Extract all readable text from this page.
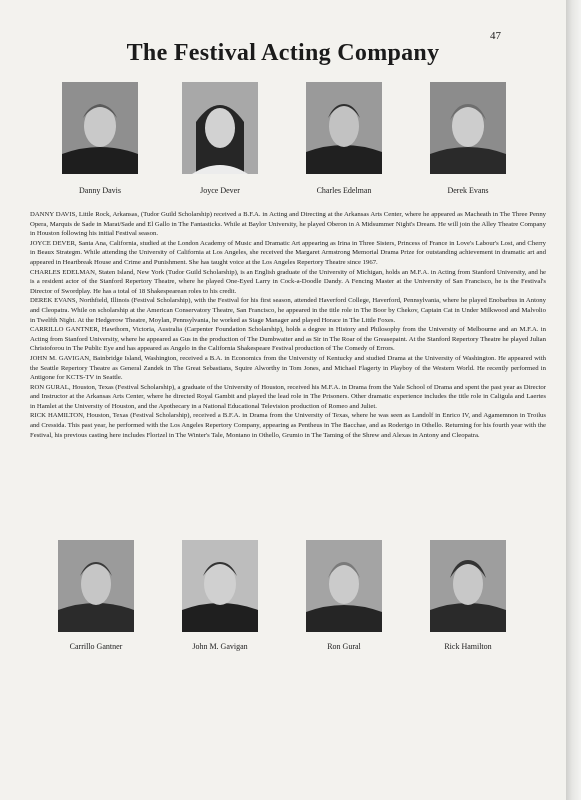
47
The Festival Acting Company
Danny Davis	Joyce Dever	Charles Edelman	Derek Evans

DANNY DAVIS, Little Rock, Arkansas, (Tudor Guild Scholarship) received a B.F.A. in Acting and Directing at the Arkansas Arts Center, where he appeared as Macheath in The Three Penny Opera, Marquis de Sade in Marat/Sade and El Gallo in The Fantasticks. While at Baylor University, he played Oberon in A Midsummer Night's Dream. He will join the Alley Theatre Company in Houston following his initial Festival season.

JOYCE DEVER, Santa Ana, California, studied at the London Academy of Music and Dramatic Art appearing as Irina in Three Sisters, Princess of France in Love's Labour's Lost, and Cherry in Beaux Strategm. While attending the University of California at Los Angeles, she received the Margaret Armstrong Memorial Drama Prize for outstanding achievement in dramatic art and appeared in Heartbreak House and Crime and Punishment. She has taught voice at the Los Angeles Repertory Theatre since 1967.

CHARLES EDELMAN, Staten Island, New York (Tudor Guild Scholarship), is an English graduate of the University of Michigan, holds an M.F.A. in Acting from Stanford University, and he is a resident actor of the Stanford Repertory Theatre, where he played One-Eyed Larry in Cock-a-Doodle Dandy. A Fencing Master at the University of San Francisco, he is the Festival's Director of Swordplay. He has a total of 18 Shakespearean roles to his credit.

DEREK EVANS, Northfield, Illinois (Festival Scholarship), with the Festival for his first season, attended Haverford College, Haverford, Pennsylvania, where he played Enobarbus in Antony and Cleopatra. While on scholarship at the American Conservatory Theatre, San Francisco, he appeared in the title role in The Boor by Chekov, Captain Cat in Under Milkwood and Malvolio in Twelfth Night. At the Hedgerow Theatre, Moylan, Pennsylvania, he worked as Stage Manager and played Horace in The Little Foxes.

CARRILLO GANTNER, Hawthorn, Victoria, Australia (Carpenter Foundation Scholarship), holds a degree in History and Philosophy from the University of Melbourne and an M.F.A. in Acting from Stanford University, where he appeared as Gus in the production of The Dumbwaiter and as Sir in The Roar of the Greasepaint. At the Stanford Repertory Theatre he played Julian Christoforou in The Public Eye and has appeared as Angelo in the California Shakespeare Festival production of The Comedy of Errors.

JOHN M. GAVIGAN, Bainbridge Island, Washington, received a B.A. in Economics from the University of Kentucky and studied Drama at the University of Washington. He appeared with the Seattle Repertory Theatre as General Zandek in The Great Sebastians, Squire Alworthy in Tom Jones, and Michael Flagerty in Playboy of the Western World. He recently performed in Antigone for KCTS-TV in Seattle.

RON GURAL, Houston, Texas (Festival Scholarship), a graduate of the University of Houston, received his M.F.A. in Drama from the Yale School of Drama and spent the past year as Director and Instructor at the Arkansas Arts Center, where he directed Royal Gambit and played the lead role in The Prisoners. Other dramatic experience includes the title role in Caligula and Laertes in Hamlet at the University of Houston, and the Apothecary in a National Educational Television production of Romeo and Juliet.

RICK HAMILTON, Houston, Texas (Festival Scholarship), received a B.F.A. in Drama from the University of Texas, where he was seen as Landolf in Enrico IV, and Agamemnon in Troilus and Cressida. This past year, he performed with the Los Angeles Repertory Company, appearing as Pentheus in The Bacchae, and as Roderigo in Othello. Returning for his fourth year with the Festival, his previous casting here includes Florizel in The Winter's Tale, Montano in Othello, Grumio in The Taming of the Shrew and Alexas in Antony and Cleopatra.

Carrillo Gantner	John M. Gavigan	Ron Gural	Rick Hamilton
